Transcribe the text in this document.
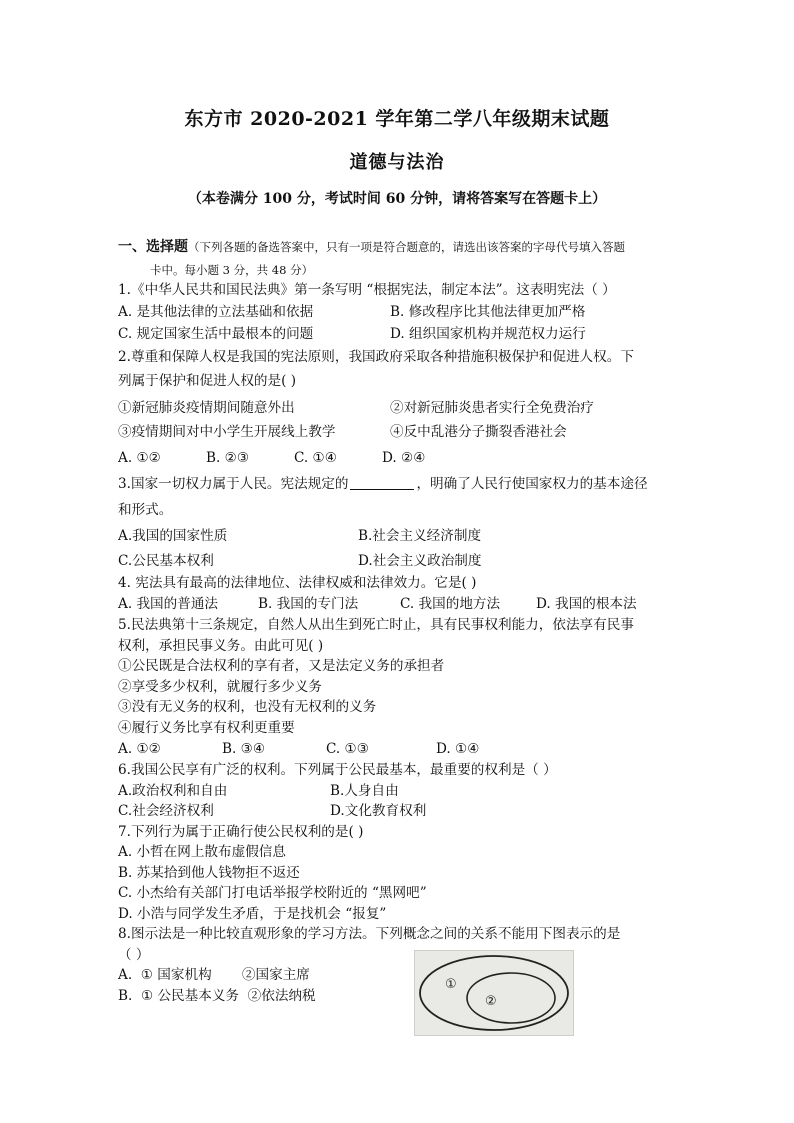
东方市 2020-2021 学年第二学八年级期末试题
道德与法治
（本卷满分 100 分，考试时间 60 分钟，请将答案写在答题卡上）
一、选择题（下列各题的备选答案中，只有一项是符合题意的，请选出该答案的字母代号填入答题
卡中。每小题 3 分，共 48 分）
1.《中华人民共和国民法典》第一条写明 “根据宪法，制定本法”。这表明宪法（ ）
A. 是其他法律的立法基础和依据	B. 修改程序比其他法律更加严格
C. 规定国家生活中最根本的问题	D. 组织国家机构并规范权力运行
2.尊重和保障人权是我国的宪法原则，我国政府采取各种措施积极保护和促进人权。下
列属于保护和促进人权的是( )
①新冠肺炎疫情期间随意外出	②对新冠肺炎患者实行全免费治疗
③疫情期间对中小学生开展线上教学	④反中乱港分子撕裂香港社会
A. ①②	B. ②③	C. ①④	D. ②④
3.国家一切权力属于人民。宪法规定的	，明确了人民行使国家权力的基本途径
和形式。
A.我国的国家性质	B.社会主义经济制度
C.公民基本权利	D.社会主义政治制度
4. 宪法具有最高的法律地位、法律权威和法律效力。它是( )
A. 我国的普通法	B. 我国的专门法	C. 我国的地方法	D. 我国的根本法
5.民法典第十三条规定，自然人从出生到死亡时止，具有民事权利能力，依法享有民事
权利，承担民事义务。由此可见( )
①公民既是合法权利的享有者，又是法定义务的承担者
②享受多少权利，就履行多少义务
③没有无义务的权利，也没有无权利的义务
④履行义务比享有权利更重要
A. ①②	B. ③④	C. ①③	D. ①④
6.我国公民享有广泛的权利。下列属于公民最基本，最重要的权利是（ ）
A.政治权利和自由	B.人身自由
C.社会经济权利	D.文化教育权利
7.下列行为属于正确行使公民权利的是( )
A. 小哲在网上散布虚假信息
B. 苏某拾到他人钱物拒不返还
C. 小杰给有关部门打电话举报学校附近的 “黑网吧”
D. 小浩与同学发生矛盾，于是找机会 “报复”
8.图示法是一种比较直观形象的学习方法。下列概念之间的关系不能用下图表示的是
（ ）
A.  ① 国家机构       ②国家主席
B.  ① 公民基本义务  ②依法纳税
①
②
